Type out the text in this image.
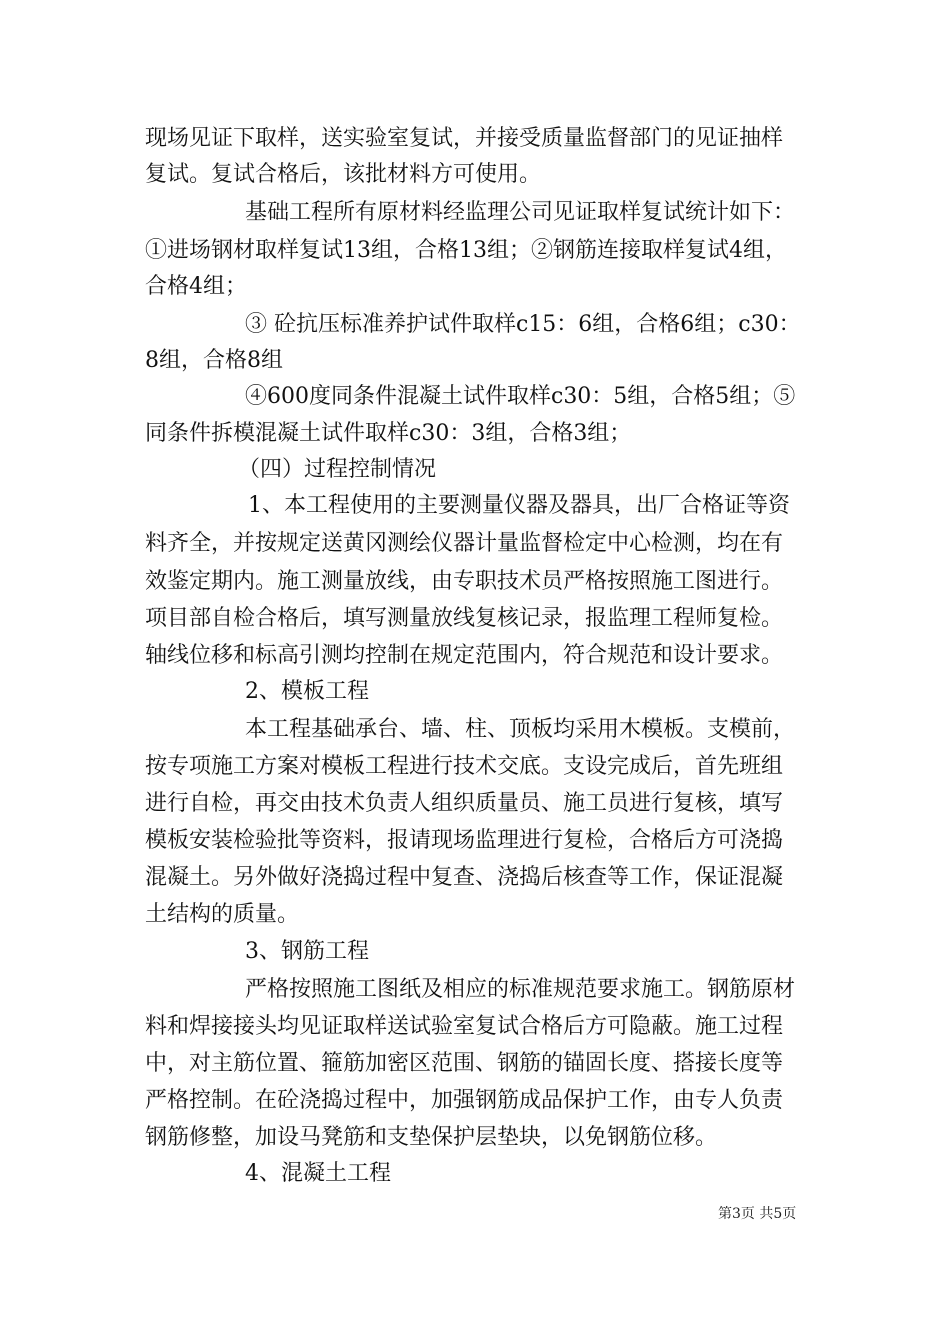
现场见证下取样，送实验室复试，并接受质量监督部门的见证抽样
复试。复试合格后，该批材料方可使用。
基础工程所有原材料经监理公司见证取样复试统计如下：
①进场钢材取样复试13组，合格13组；②钢筋连接取样复试4组，
合格4组；
③ 砼抗压标准养护试件取样c15：6组，合格6组；c30：
8组，合格8组
④600度同条件混凝土试件取样c30：5组，合格5组；⑤
同条件拆模混凝土试件取样c30：3组，合格3组；
（四）过程控制情况
1、本工程使用的主要测量仪器及器具，出厂合格证等资
料齐全，并按规定送黄冈测绘仪器计量监督检定中心检测，均在有
效鉴定期内。施工测量放线，由专职技术员严格按照施工图进行。
项目部自检合格后，填写测量放线复核记录，报监理工程师复检。
轴线位移和标高引测均控制在规定范围内，符合规范和设计要求。
2、模板工程
本工程基础承台、墙、柱、顶板均采用木模板。支模前，
按专项施工方案对模板工程进行技术交底。支设完成后，首先班组
进行自检，再交由技术负责人组织质量员、施工员进行复核，填写
模板安装检验批等资料，报请现场监理进行复检，合格后方可浇捣
混凝土。另外做好浇捣过程中复查、浇捣后核查等工作，保证混凝
土结构的质量。
3、钢筋工程
严格按照施工图纸及相应的标准规范要求施工。钢筋原材
料和焊接接头均见证取样送试验室复试合格后方可隐蔽。施工过程
中，对主筋位置、箍筋加密区范围、钢筋的锚固长度、搭接长度等
严格控制。在砼浇捣过程中，加强钢筋成品保护工作，由专人负责
钢筋修整，加设马凳筋和支垫保护层垫块，以免钢筋位移。
4、混凝土工程
第3页 共5页
